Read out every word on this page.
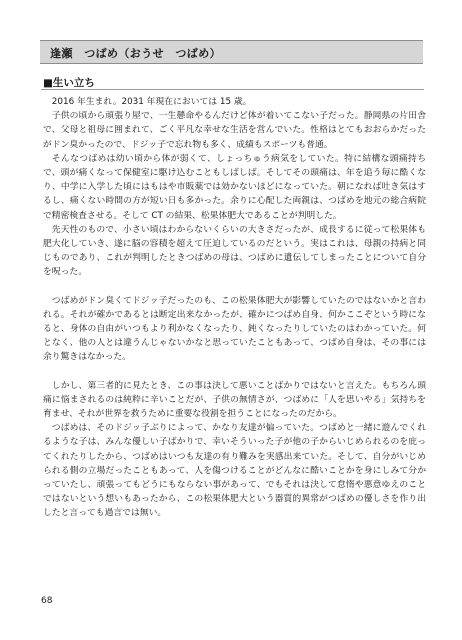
逢瀬　つばめ（おうせ　つばめ）
■生い立ち

2016 年生まれ。2031 年現在においては 15 歳。

子供の頃から頑張り屋で、一生懸命やるんだけど体が着いてこない子だった。静岡県の片田舎で、父母と祖母に囲まれて、ごく平凡な幸せな生活を営んでいた。性格はとてもおおらかだったがドン臭かったので、ドジッ子で忘れ物も多く、成績もスポーツも普通。

そんなつばめは幼い頃から体が弱くて、しょっちゅう病気をしていた。特に結構な頭痛持ちで、頭が痛くなって保健室に駆け込むこともしばしば。そしてその頭痛は、年を追う毎に酷くなり、中学に入学した頃にはもはや市販薬では効かないほどになっていた。朝になれば吐き気はするし、痛くない時間の方が短い日も多かった。余りに心配した両親は、つばめを地元の総合病院で精密検査させる。そして CT の結果、松果体肥大であることが判明した。

先天性のもので、小さい頃はわからないくらいの大きさだったが、成長するに従って松果体も肥大化していき、遂に脳の容積を超えて圧迫しているのだという。実はこれは、母親の持病と同じものであり、これが判明したときつばめの母は、つばめに遺伝してしまったことについて自分を呪った。

つばめがドン臭くてドジッ子だったのも、この松果体肥大が影響していたのではないかと言われる。それが確かであるとは断定出来なかったが、確かにつばめ自身、何かここぞという時になると、身体の自由がいつもより利かなくなったり、鈍くなったりしていたのはわかっていた。何となく、他の人とは違うんじゃないかなと思っていたこともあって、つばめ自身は、その事には余り驚きはなかった。

しかし、第三者的に見たとき、この事は決して悪いことばかりではないと言えた。もちろん頭痛に悩まされるのは純粋に辛いことだが、子供の無情さが、つばめに「人を思いやる」気持ちを育ませ、それが世界を救うために重要な役割を担うことになったのだから。

つばめは、そのドジッ子ぶりによって、かなり友達が偏っていた。つばめと一緒に遊んでくれるような子は、みんな優しい子ばかりで、幸いそういった子が他の子からいじめられるのを庇ってくれたりしたから、つばめはいつも友達の有り難みを実感出来ていた。そして、自分がいじめられる側の立場だったこともあって、人を傷つけることがどんなに酷いことかを身にしみて分かっていたし、頑張ってもどうにもならない事があって、でもそれは決して怠惰や悪意ゆえのことではないという想いもあったから、この松果体肥大という器質的異常がつばめの優しさを作り出したと言っても過言では無い。

68
